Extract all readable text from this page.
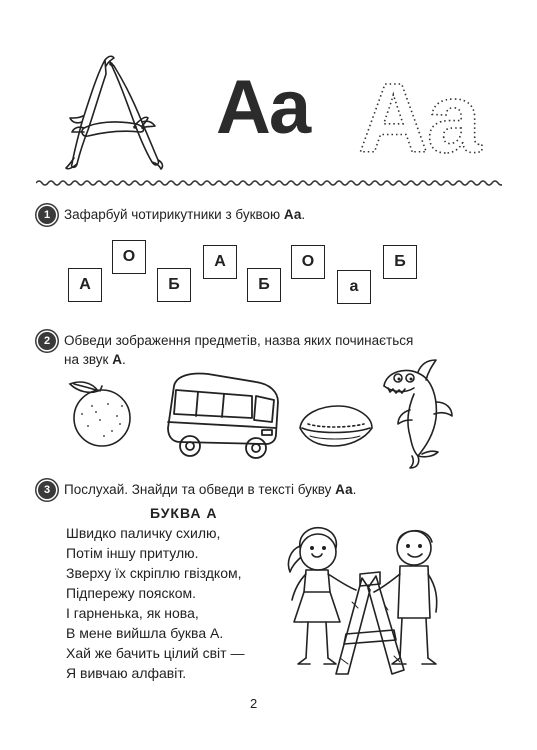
Aa Aa
1	Зафарбуй чотирикутники з буквою Аа.
А
О
Б
А
Б
О
а
Б
2	Обведи зображення предметів, назва яких починається
на звук А.
3	Послухай. Знайди та обведи в тексті букву Аа.
БУКВА А
Швидко паличку схилю,
Потім іншу притулю.
Зверху їх скріплю гвіздком,
Підпережу пояском.
І гарненька, як нова,
В мене вийшла буква А.
Хай же бачить цілий світ —
Я вивчаю алфавіт.
2
